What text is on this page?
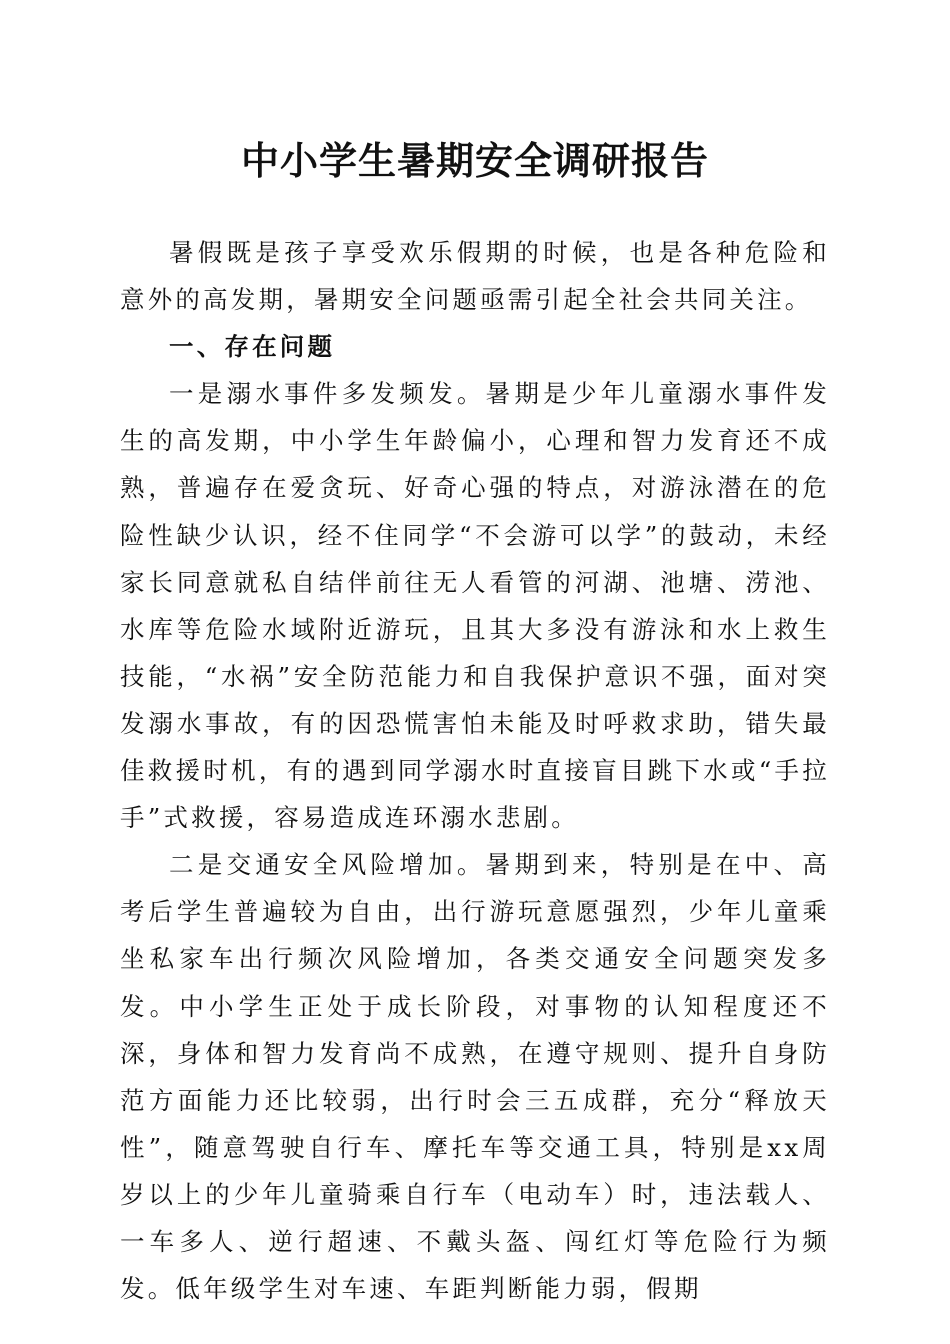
中小学生暑期安全调研报告

暑假既是孩子享受欢乐假期的时候，也是各种危险和意外的高发期，暑期安全问题亟需引起全社会共同关注。

一、存在问题

一是溺水事件多发频发。暑期是少年儿童溺水事件发生的高发期，中小学生年龄偏小，心理和智力发育还不成熟，普遍存在爱贪玩、好奇心强的特点，对游泳潜在的危险性缺少认识，经不住同学“不会游可以学”的鼓动，未经家长同意就私自结伴前往无人看管的河湖、池塘、涝池、水库等危险水域附近游玩，且其大多没有游泳和水上救生技能，“水祸”安全防范能力和自我保护意识不强，面对突发溺水事故，有的因恐慌害怕未能及时呼救求助，错失最佳救援时机，有的遇到同学溺水时直接盲目跳下水或“手拉手”式救援，容易造成连环溺水悲剧。

二是交通安全风险增加。暑期到来，特别是在中、高考后学生普遍较为自由，出行游玩意愿强烈，少年儿童乘坐私家车出行频次风险增加，各类交通安全问题突发多发。中小学生正处于成长阶段，对事物的认知程度还不深，身体和智力发育尚不成熟，在遵守规则、提升自身防范方面能力还比较弱，出行时会三五成群，充分“释放天性”，随意驾驶自行车、摩托车等交通工具，特别是xx周岁以上的少年儿童骑乘自行车（电动车）时，违法载人、一车多人、逆行超速、不戴头盔、闯红灯等危险行为频发。低年级学生对车速、车距判断能力弱，假期
